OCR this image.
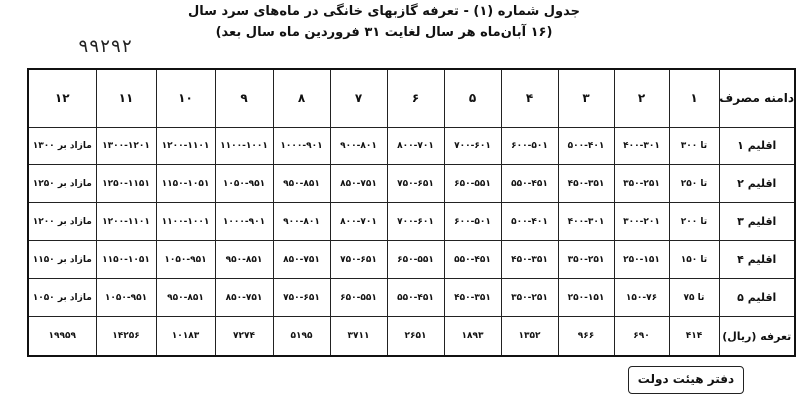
جدول شماره (۱) - تعرفه گازبهای خانگی در ماه‌های سرد سال
(۱۶ آبان‌ماه هر سال لغایت ۳۱ فروردین ماه سال بعد)
۹۹۲۹۲
دامنه مصرف	۱	۲	۳	۴	۵	۶	۷	۸	۹	۱۰	۱۱	۱۲
اقلیم ۱	تا ۳۰۰	۴۰۰-۳۰۱	۵۰۰-۴۰۱	۶۰۰-۵۰۱	۷۰۰-۶۰۱	۸۰۰-۷۰۱	۹۰۰-۸۰۱	۱۰۰۰-۹۰۱	۱۱۰۰-۱۰۰۱	۱۲۰۰-۱۱۰۱	۱۳۰۰-۱۲۰۱	مازاد بر ۱۳۰۰
اقلیم ۲	تا ۲۵۰	۳۵۰-۲۵۱	۴۵۰-۳۵۱	۵۵۰-۴۵۱	۶۵۰-۵۵۱	۷۵۰-۶۵۱	۸۵۰-۷۵۱	۹۵۰-۸۵۱	۱۰۵۰-۹۵۱	۱۱۵۰-۱۰۵۱	۱۲۵۰-۱۱۵۱	مازاد بر ۱۲۵۰
اقلیم ۳	تا ۲۰۰	۳۰۰-۲۰۱	۴۰۰-۳۰۱	۵۰۰-۴۰۱	۶۰۰-۵۰۱	۷۰۰-۶۰۱	۸۰۰-۷۰۱	۹۰۰-۸۰۱	۱۰۰۰-۹۰۱	۱۱۰۰-۱۰۰۱	۱۲۰۰-۱۱۰۱	مازاد بر ۱۲۰۰
اقلیم ۴	تا ۱۵۰	۲۵۰-۱۵۱	۳۵۰-۲۵۱	۴۵۰-۳۵۱	۵۵۰-۴۵۱	۶۵۰-۵۵۱	۷۵۰-۶۵۱	۸۵۰-۷۵۱	۹۵۰-۸۵۱	۱۰۵۰-۹۵۱	۱۱۵۰-۱۰۵۱	مازاد بر ۱۱۵۰
اقلیم ۵	تا ۷۵	۱۵۰-۷۶	۲۵۰-۱۵۱	۳۵۰-۲۵۱	۴۵۰-۳۵۱	۵۵۰-۴۵۱	۶۵۰-۵۵۱	۷۵۰-۶۵۱	۸۵۰-۷۵۱	۹۵۰-۸۵۱	۱۰۵۰-۹۵۱	مازاد بر ۱۰۵۰
تعرفه (ریال)	۴۱۴	۶۹۰	۹۶۶	۱۳۵۲	۱۸۹۳	۲۶۵۱	۳۷۱۱	۵۱۹۵	۷۲۷۴	۱۰۱۸۳	۱۴۲۵۶	۱۹۹۵۹
دفتر هیئت دولت
